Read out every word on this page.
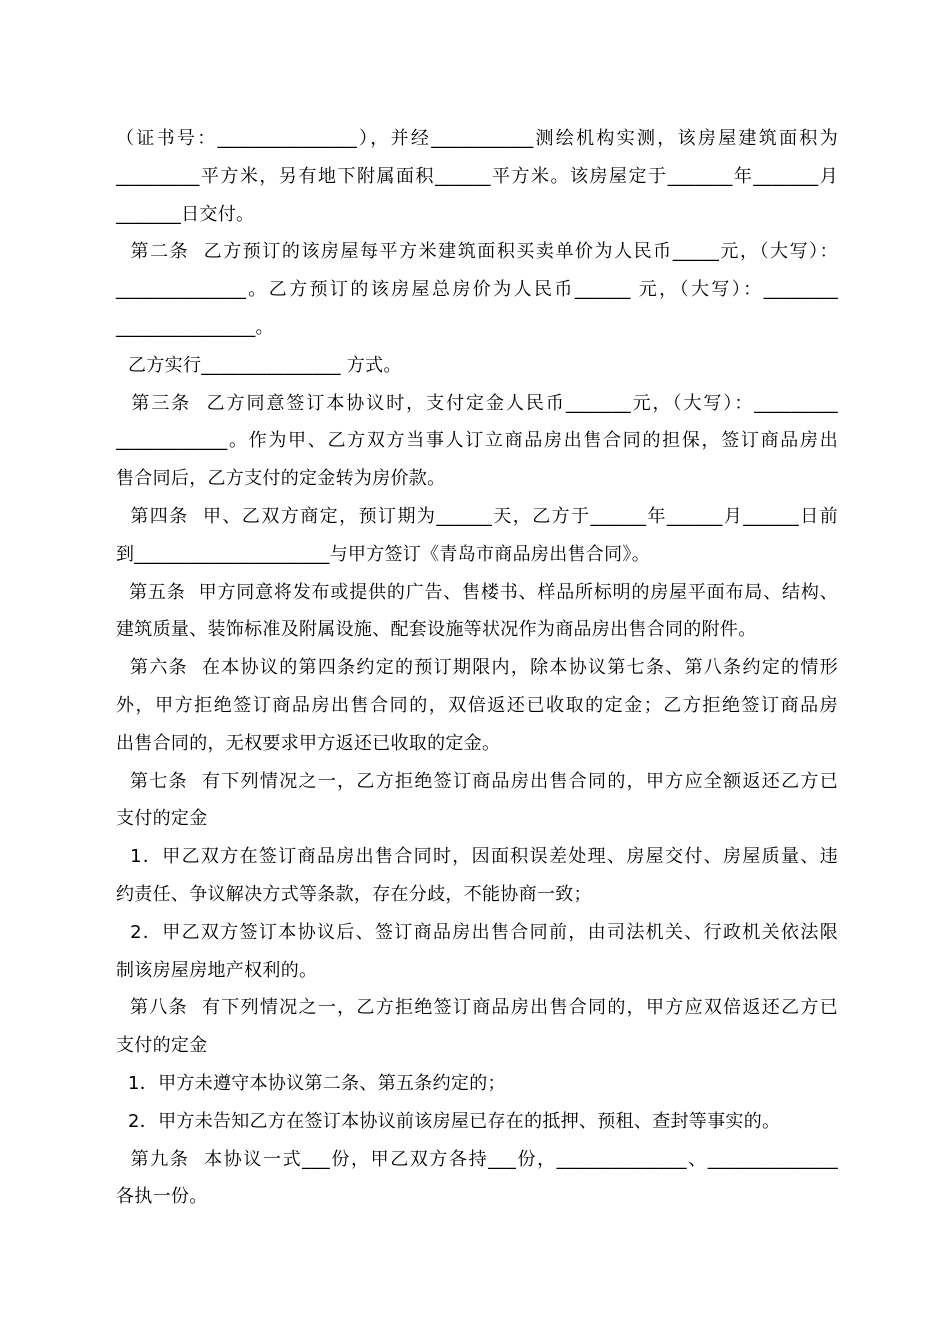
（证书号：_______________），并经___________测绘机构实测，该房屋建筑面积为
_________平方米，另有地下附属面积______平方米。该房屋定于_______年_______月
_______日交付。
第二条  乙方预订的该房屋每平方米建筑面积买卖单价为人民币_____元，（大写）：
______________。乙方预订的该房屋总房价为人民币______ 元，（大写）：________
_______________。
乙方实行_______________ 方式。
第三条  乙方同意签订本协议时，支付定金人民币_______元，（大写）：_________
____________。作为甲、乙方双方当事人订立商品房出售合同的担保，签订商品房出
售合同后，乙方支付的定金转为房价款。
第四条  甲、乙双方商定，预订期为______天，乙方于______年______月______日前
到_____________________与甲方签订《青岛市商品房出售合同》。
第五条  甲方同意将发布或提供的广告、售楼书、样品所标明的房屋平面布局、结构、
建筑质量、装饰标准及附属设施、配套设施等状况作为商品房出售合同的附件。
第六条  在本协议的第四条约定的预订期限内，除本协议第七条、第八条约定的情形
外，甲方拒绝签订商品房出售合同的，双倍返还已收取的定金；乙方拒绝签订商品房
出售合同的，无权要求甲方返还已收取的定金。
第七条  有下列情况之一，乙方拒绝签订商品房出售合同的，甲方应全额返还乙方已
支付的定金
1．甲乙双方在签订商品房出售合同时，因面积误差处理、房屋交付、房屋质量、违
约责任、争议解决方式等条款，存在分歧，不能协商一致；
2．甲乙双方签订本协议后、签订商品房出售合同前，由司法机关、行政机关依法限
制该房屋房地产权利的。
第八条  有下列情况之一，乙方拒绝签订商品房出售合同的，甲方应双倍返还乙方已
支付的定金
1．甲方未遵守本协议第二条、第五条约定的；
2．甲方未告知乙方在签订本协议前该房屋已存在的抵押、预租、查封等事实的。
第九条  本协议一式___份，甲乙双方各持___份，______________、______________
各执一份。
